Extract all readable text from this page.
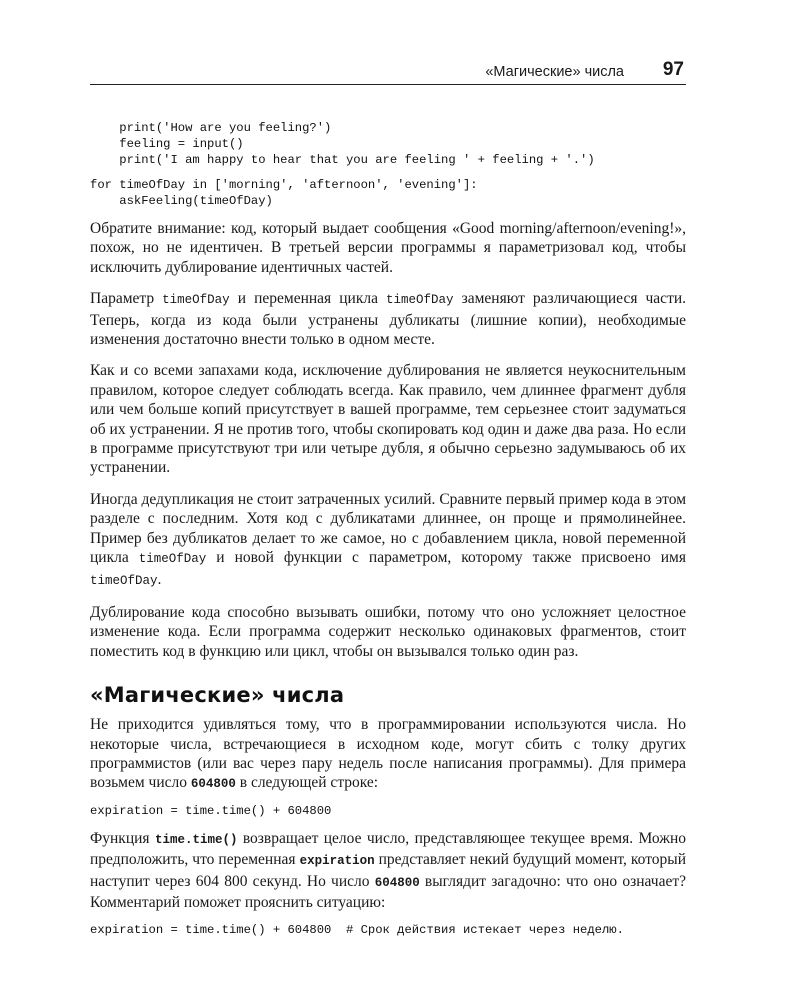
«Магические» числа 97
print('How are you feeling?')
feeling = input()
print('I am happy to hear that you are feeling ' + feeling + '.')
for timeOfDay in ['morning', 'afternoon', 'evening']:
askFeeling(timeOfDay)

Обратите внимание: код, который выдает сообщения «Good morning/afternoon/evening!», похож, но не идентичен. В третьей версии программы я параметризовал код, чтобы исключить дублирование идентичных частей.

Параметр timeOfDay и переменная цикла timeOfDay заменяют различающиеся части. Теперь, когда из кода были устранены дубликаты (лишние копии), необходимые изменения достаточно внести только в одном месте.

Как и со всеми запахами кода, исключение дублирования не является неукоснительным правилом, которое следует соблюдать всегда. Как правило, чем длиннее фрагмент дубля или чем больше копий присутствует в вашей программе, тем серьезнее стоит задуматься об их устранении. Я не против того, чтобы скопировать код один и даже два раза. Но если в программе присутствуют три или четыре дубля, я обычно серьезно задумываюсь об их устранении.

Иногда дедупликация не стоит затраченных усилий. Сравните первый пример кода в этом разделе с последним. Хотя код с дубликатами длиннее, он проще и прямолинейнее. Пример без дубликатов делает то же самое, но с добавлением цикла, новой переменной цикла timeOfDay и новой функции с параметром, которому также присвоено имя timeOfDay.

Дублирование кода способно вызывать ошибки, потому что оно усложняет целостное изменение кода. Если программа содержит несколько одинаковых фрагментов, стоит поместить код в функцию или цикл, чтобы он вызывался только один раз.

«Магические» числа

Не приходится удивляться тому, что в программировании используются числа. Но некоторые числа, встречающиеся в исходном коде, могут сбить с толку других программистов (или вас через пару недель после написания программы). Для примера возьмем число 604800 в следующей строке:

expiration = time.time() + 604800

Функция time.time() возвращает целое число, представляющее текущее время. Можно предположить, что переменная expiration представляет некий будущий момент, который наступит через 604 800 секунд. Но число 604800 выглядит загадочно: что оно означает? Комментарий поможет прояснить ситуацию:

expiration = time.time() + 604800  # Срок действия истекает через неделю.
